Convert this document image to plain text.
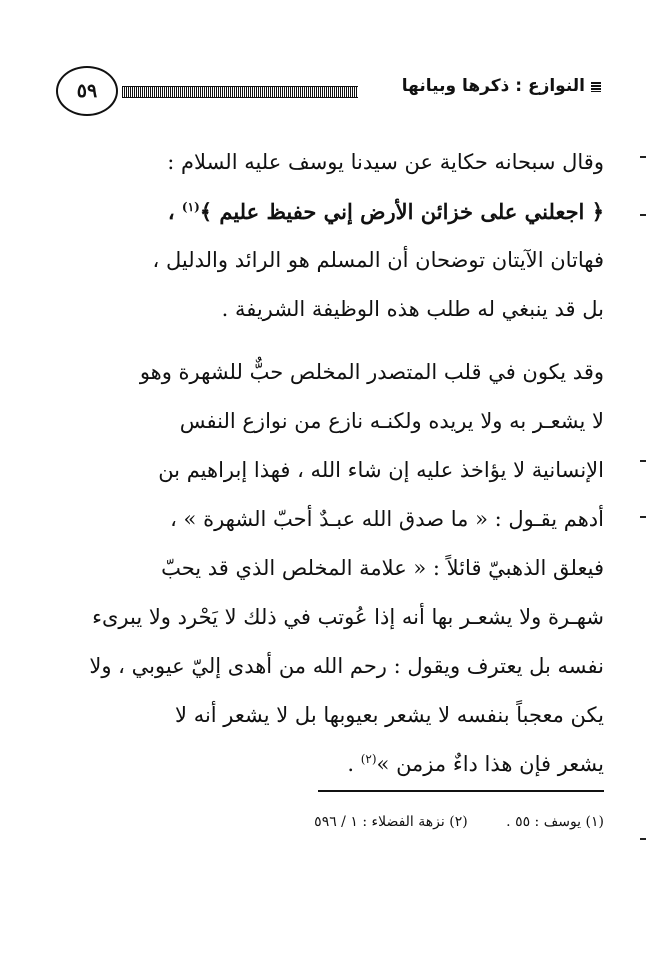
٥٩	النوازع : ذكرها وبيانها
وقال سبحانه حكاية عن سيدنا يوسف عليه السلام :
﴿ اجعلني على خزائن الأرض إني حفيظ عليم ﴾$^{(١)}$ ،
فهاتان الآيتان توضحان أن المسلم هو الرائد والدليل ،
بل قد ينبغي له طلب هذه الوظيفة الشريفة .
وقد يكون في قلب المتصدر المخلص حبٌّ للشهرة وهو
لا يشعـر به ولا يريده ولكنـه نازع من نوازع النفس
الإنسانية لا يؤاخذ عليه إن شاء الله ، فهذا إبراهيم بن
أدهم يقـول : « ما صدق الله عبـدٌ أحبّ الشهرة » ،
فيعلق الذهبيّ قائلاً : « علامة المخلص الذي قد يحبّ
شهـرة ولا يشعـر بها أنه إذا عُوتب في ذلك لا يَحْرد ولا يبرىء
نفسه بل يعترف ويقول : رحم الله من أهدى إليّ عيوبي ، ولا
يكن معجباً بنفسه لا يشعر بعيوبها بل لا يشعر أنه لا
يشعر فإن هذا داءٌ مزمن »$^{(٢)}$ .
(١) يوسف : ٥٥ . (٢) نزهة الفضلاء : ١ / ٥٩٦
